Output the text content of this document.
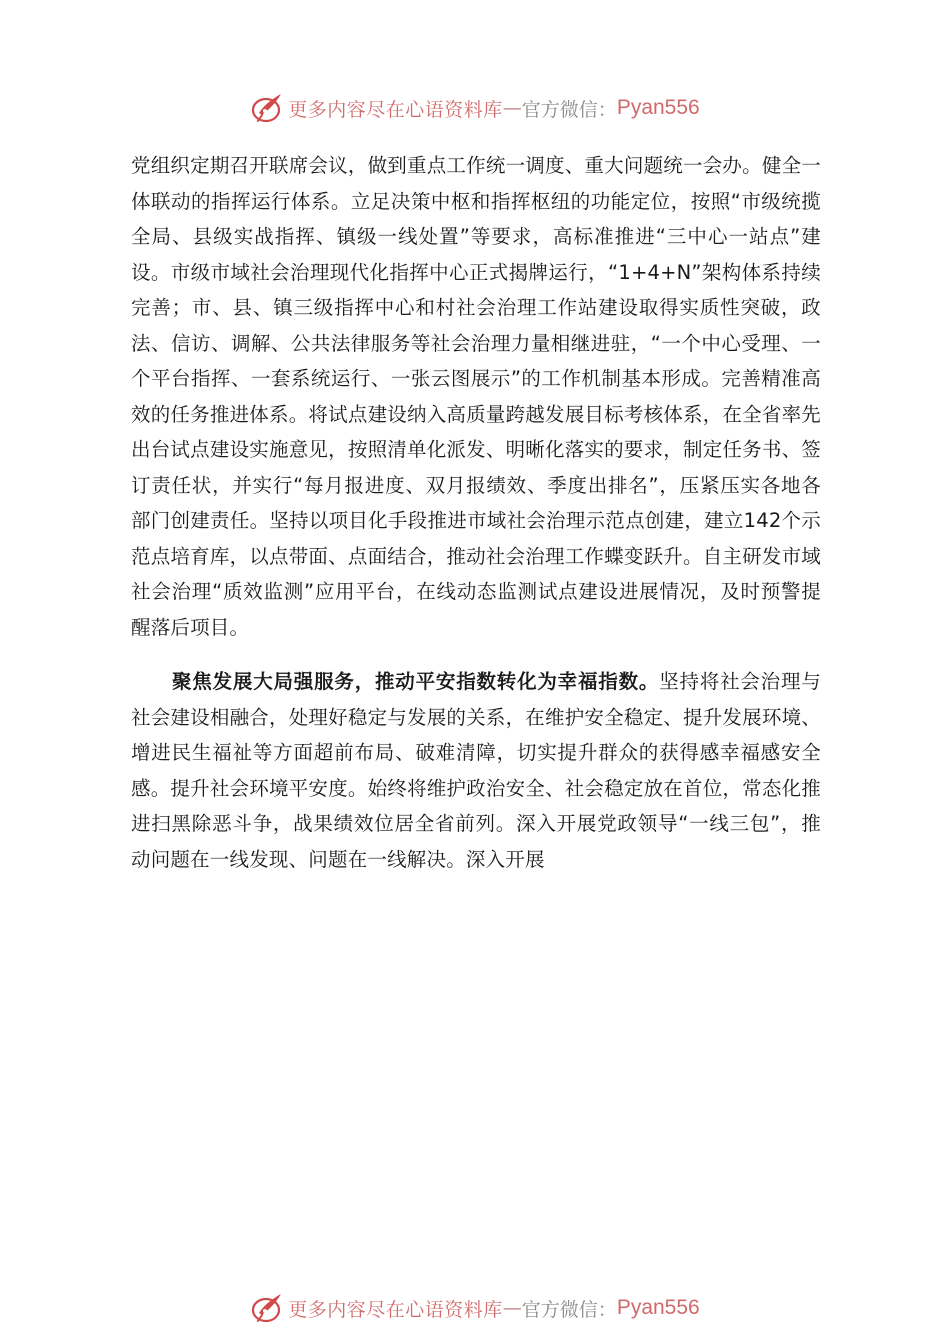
更多内容尽在心语资料库 — 官方微信： Pyan556

党组织定期召开联席会议，做到重点工作统一调度、重大问题统一会办。健全一体联动的指挥运行体系。立足决策中枢和指挥枢纽的功能定位，按照“市级统揽全局、县级实战指挥、镇级一线处置”等要求，高标准推进“三中心一站点”建设。市级市域社会治理现代化指挥中心正式揭牌运行，“1+4+N”架构体系持续完善；市、县、镇三级指挥中心和村社会治理工作站建设取得实质性突破，政法、信访、调解、公共法律服务等社会治理力量相继进驻，“一个中心受理、一个平台指挥、一套系统运行、一张云图展示”的工作机制基本形成。完善精准高效的任务推进体系。将试点建设纳入高质量跨越发展目标考核体系，在全省率先出台试点建设实施意见，按照清单化派发、明晰化落实的要求，制定任务书、签订责任状，并实行“每月报进度、双月报绩效、季度出排名”，压紧压实各地各部门创建责任。坚持以项目化手段推进市域社会治理示范点创建，建立142个示范点培育库，以点带面、点面结合，推动社会治理工作蝶变跃升。自主研发市域社会治理“质效监测”应用平台，在线动态监测试点建设进展情况，及时预警提醒落后项目。

聚焦发展大局强服务，推动平安指数转化为幸福指数。坚持将社会治理与社会建设相融合，处理好稳定与发展的关系，在维护安全稳定、提升发展环境、增进民生福祉等方面超前布局、破难清障，切实提升群众的获得感幸福感安全感。提升社会环境平安度。始终将维护政治安全、社会稳定放在首位，常态化推进扫黑除恶斗争，战果绩效位居全省前列。深入开展党政领导“一线三包”，推动问题在一线发现、问题在一线解决。深入开展

更多内容尽在心语资料库 — 官方微信： Pyan556
